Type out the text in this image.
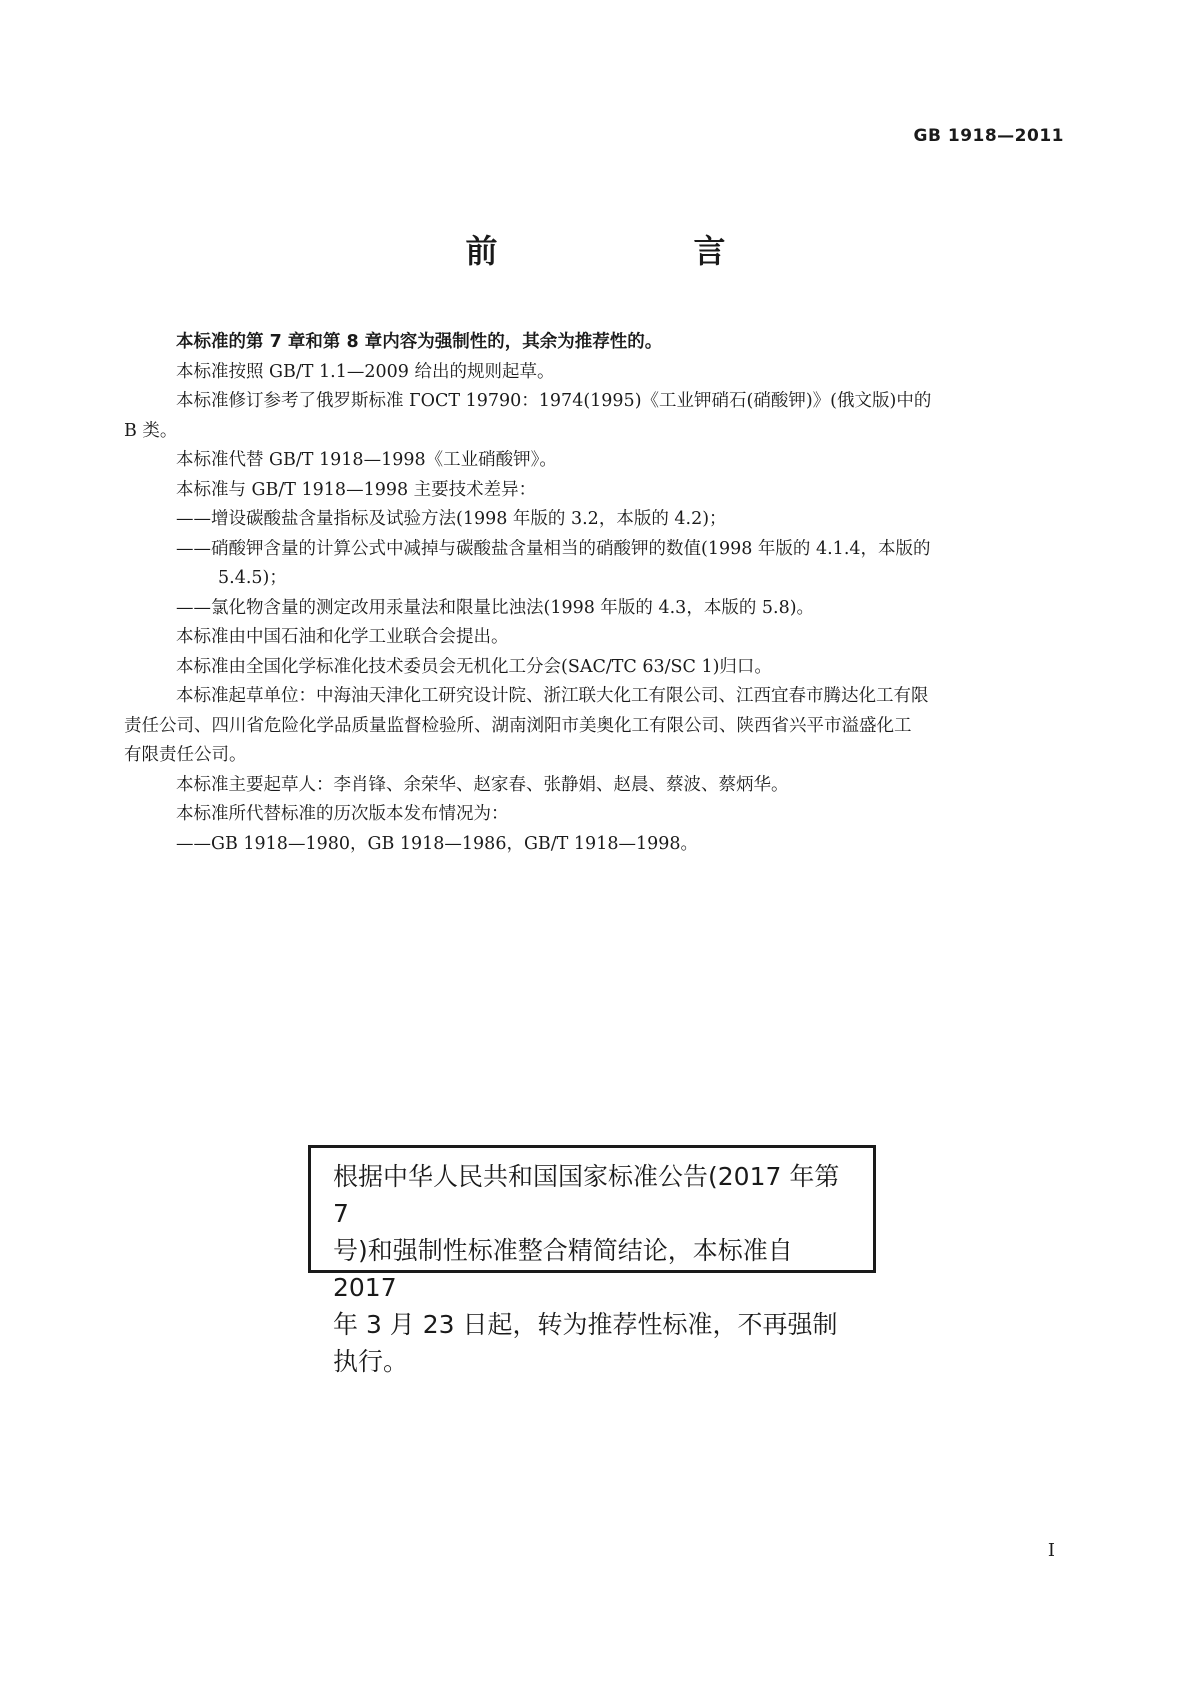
GB 1918—2011
前　　言

本标准的第 7 章和第 8 章内容为强制性的，其余为推荐性的。

本标准按照 GB/T 1.1—2009 给出的规则起草。

本标准修订参考了俄罗斯标准 ГОСТ 19790：1974(1995)《工业钾硝石(硝酸钾)》(俄文版)中的

B 类。

本标准代替 GB/T 1918—1998《工业硝酸钾》。

本标准与 GB/T 1918—1998 主要技术差异：

—— 增设碳酸盐含量指标及试验方法(1998 年版的 3.2，本版的 4.2)；
—— 硝酸钾含量的计算公式中减掉与碳酸盐含量相当的硝酸钾的数值(1998 年版的 4.1.4，本版的

5.4.5)；

—— 氯化物含量的测定改用汞量法和限量比浊法(1998 年版的 4.3，本版的 5.8)。

本标准由中国石油和化学工业联合会提出。

本标准由全国化学标准化技术委员会无机化工分会(SAC/TC 63/SC 1)归口。

本标准起草单位：中海油天津化工研究设计院、浙江联大化工有限公司、江西宜春市腾达化工有限

责任公司、四川省危险化学品质量监督检验所、湖南浏阳市美奥化工有限公司、陕西省兴平市溢盛化工

有限责任公司。

本标准主要起草人：李肖锋、余荣华、赵家春、张静娟、赵晨、蔡波、蔡炳华。

本标准所代替标准的历次版本发布情况为：

—— GB 1918—1980，GB 1918—1986，GB/T 1918—1998。

根据中华人民共和国国家标准公告(2017 年第 7

号)和强制性标准整合精简结论，本标准自 2017

年 3 月 23 日起，转为推荐性标准，不再强制执行。

I
